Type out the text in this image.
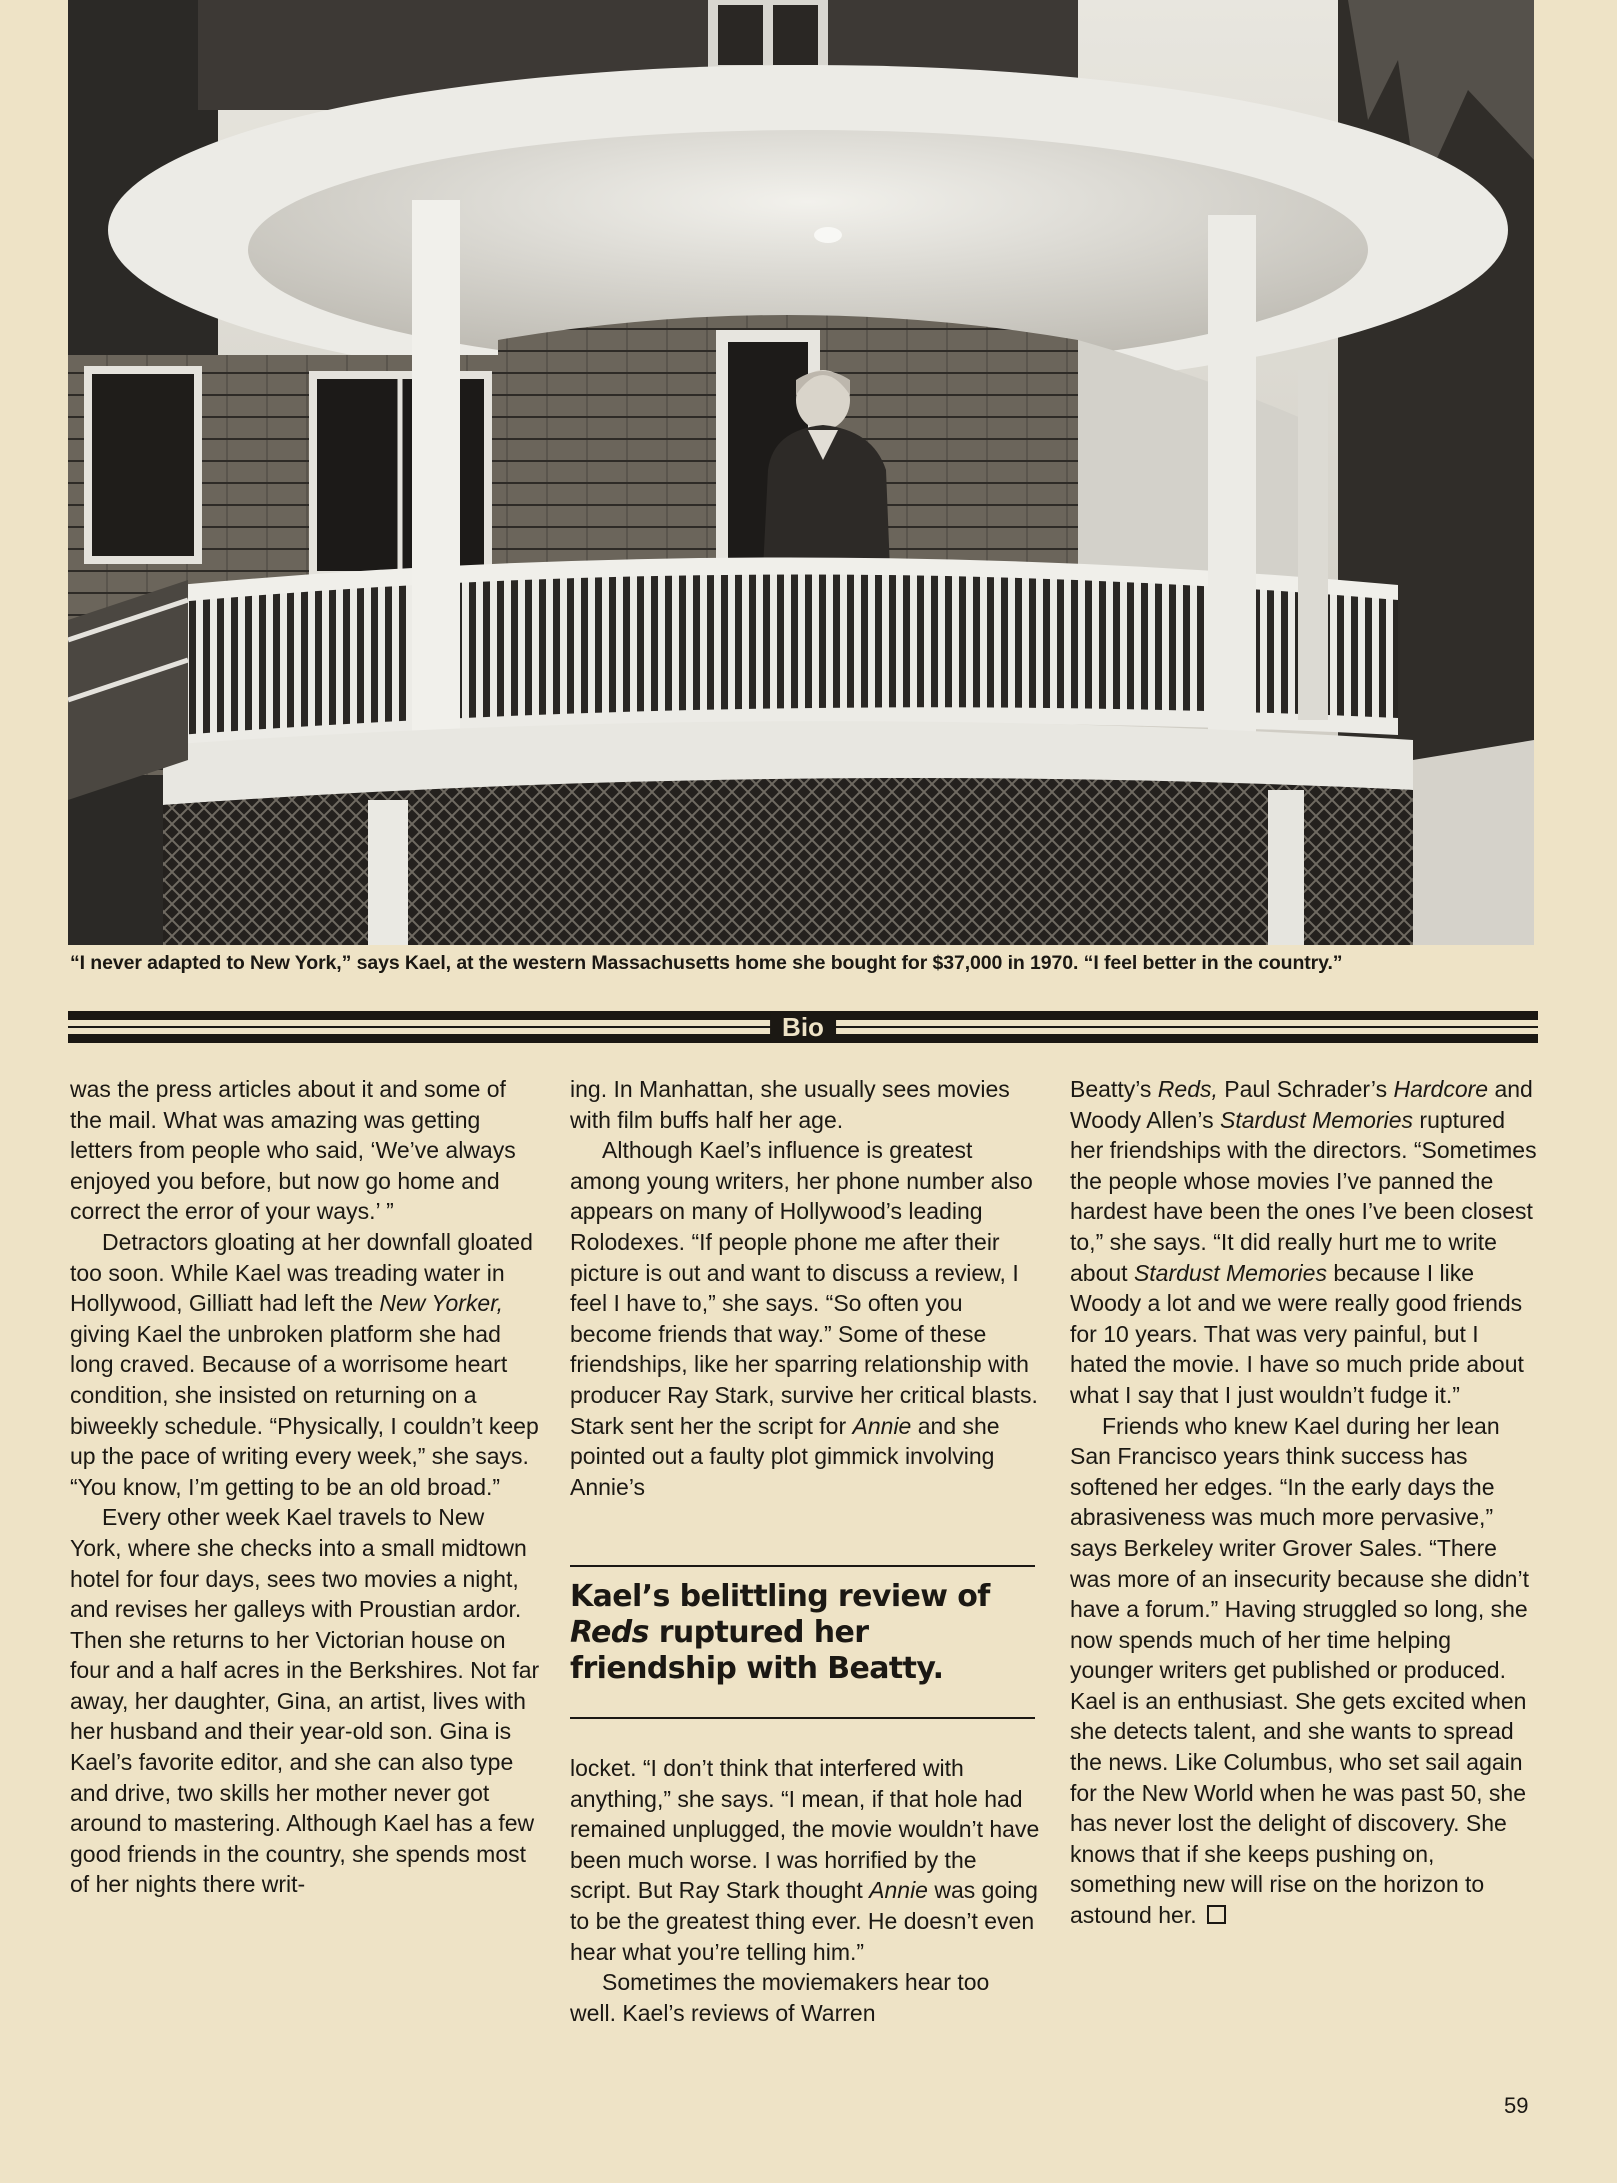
“I never adapted to New York,” says Kael, at the western Massachusetts home she bought for $37,000 in 1970. “I feel better in the country.”
Bio

was the press articles about it and some of the mail. What was amazing was getting letters from people who said, ‘We’ve always enjoyed you before, but now go home and correct the error of your ways.’ ”

Detractors gloating at her downfall gloated too soon. While Kael was treading water in Hollywood, Gilliatt had left the New Yorker, giving Kael the unbroken platform she had long craved. Because of a worrisome heart condition, she insisted on returning on a biweekly schedule. “Physically, I couldn’t keep up the pace of writing every week,” she says. “You know, I’m getting to be an old broad.”

Every other week Kael travels to New York, where she checks into a small midtown hotel for four days, sees two movies a night, and revises her galleys with Proustian ardor. Then she returns to her Victorian house on four and a half acres in the Berkshires. Not far away, her daughter, Gina, an artist, lives with her husband and their year-old son. Gina is Kael’s favorite editor, and she can also type and drive, two skills her mother never got around to mastering. Although Kael has a few good friends in the country, she spends most of her nights there writ-

ing. In Manhattan, she usually sees movies with film buffs half her age.

Although Kael’s influence is greatest among young writers, her phone number also appears on many of Hollywood’s leading Rolodexes. “If people phone me after their picture is out and want to discuss a review, I feel I have to,” she says. “So often you become friends that way.” Some of these friendships, like her sparring relationship with producer Ray Stark, survive her critical blasts. Stark sent her the script for Annie and she pointed out a faulty plot gimmick involving Annie’s

Kael’s belittling review of Reds ruptured her friendship with Beatty.

locket. “I don’t think that interfered with anything,” she says. “I mean, if that hole had remained unplugged, the movie wouldn’t have been much worse. I was horrified by the script. But Ray Stark thought Annie was going to be the greatest thing ever. He doesn’t even hear what you’re telling him.”

Sometimes the moviemakers hear too well. Kael’s reviews of Warren

Beatty’s Reds, Paul Schrader’s Hardcore and Woody Allen’s Stardust Memories ruptured her friendships with the directors. “Sometimes the people whose movies I’ve panned the hardest have been the ones I’ve been closest to,” she says. “It did really hurt me to write about Stardust Memories because I like Woody a lot and we were really good friends for 10 years. That was very painful, but I hated the movie. I have so much pride about what I say that I just wouldn’t fudge it.”

Friends who knew Kael during her lean San Francisco years think success has softened her edges. “In the early days the abrasiveness was much more pervasive,” says Berkeley writer Grover Sales. “There was more of an insecurity because she didn’t have a forum.” Having struggled so long, she now spends much of her time helping younger writers get published or produced. Kael is an enthusiast. She gets excited when she detects talent, and she wants to spread the news. Like Columbus, who set sail again for the New World when he was past 50, she has never lost the delight of discovery. She knows that if she keeps pushing on, something new will rise on the horizon to astound her.

59
